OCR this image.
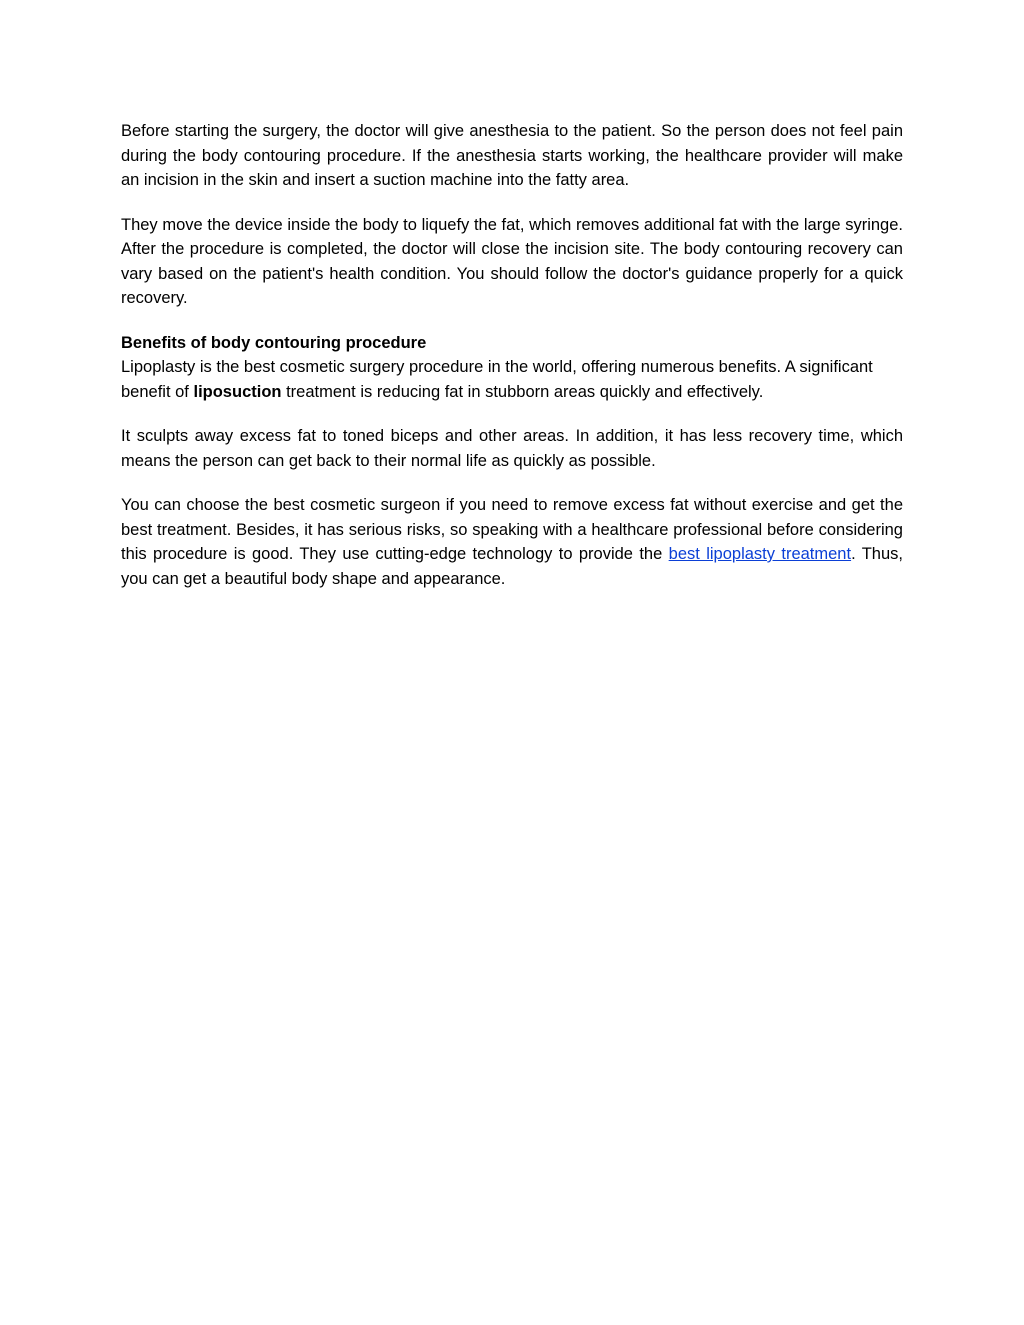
Before starting the surgery, the doctor will give anesthesia to the patient. So the person does not feel pain during the body contouring procedure. If the anesthesia starts working, the healthcare provider will make an incision in the skin and insert a suction machine into the fatty area.

They move the device inside the body to liquefy the fat, which removes additional fat with the large syringe. After the procedure is completed, the doctor will close the incision site. The body contouring recovery can vary based on the patient's health condition. You should follow the doctor's guidance properly for a quick recovery.

Benefits of body contouring procedure
Lipoplasty is the best cosmetic surgery procedure in the world, offering numerous benefits. A significant benefit of liposuction treatment is reducing fat in stubborn areas quickly and effectively.

It sculpts away excess fat to toned biceps and other areas. In addition, it has less recovery time, which means the person can get back to their normal life as quickly as possible.

You can choose the best cosmetic surgeon if you need to remove excess fat without exercise and get the best treatment. Besides, it has serious risks, so speaking with a healthcare professional before considering this procedure is good. They use cutting-edge technology to provide the best lipoplasty treatment. Thus, you can get a beautiful body shape and appearance.
